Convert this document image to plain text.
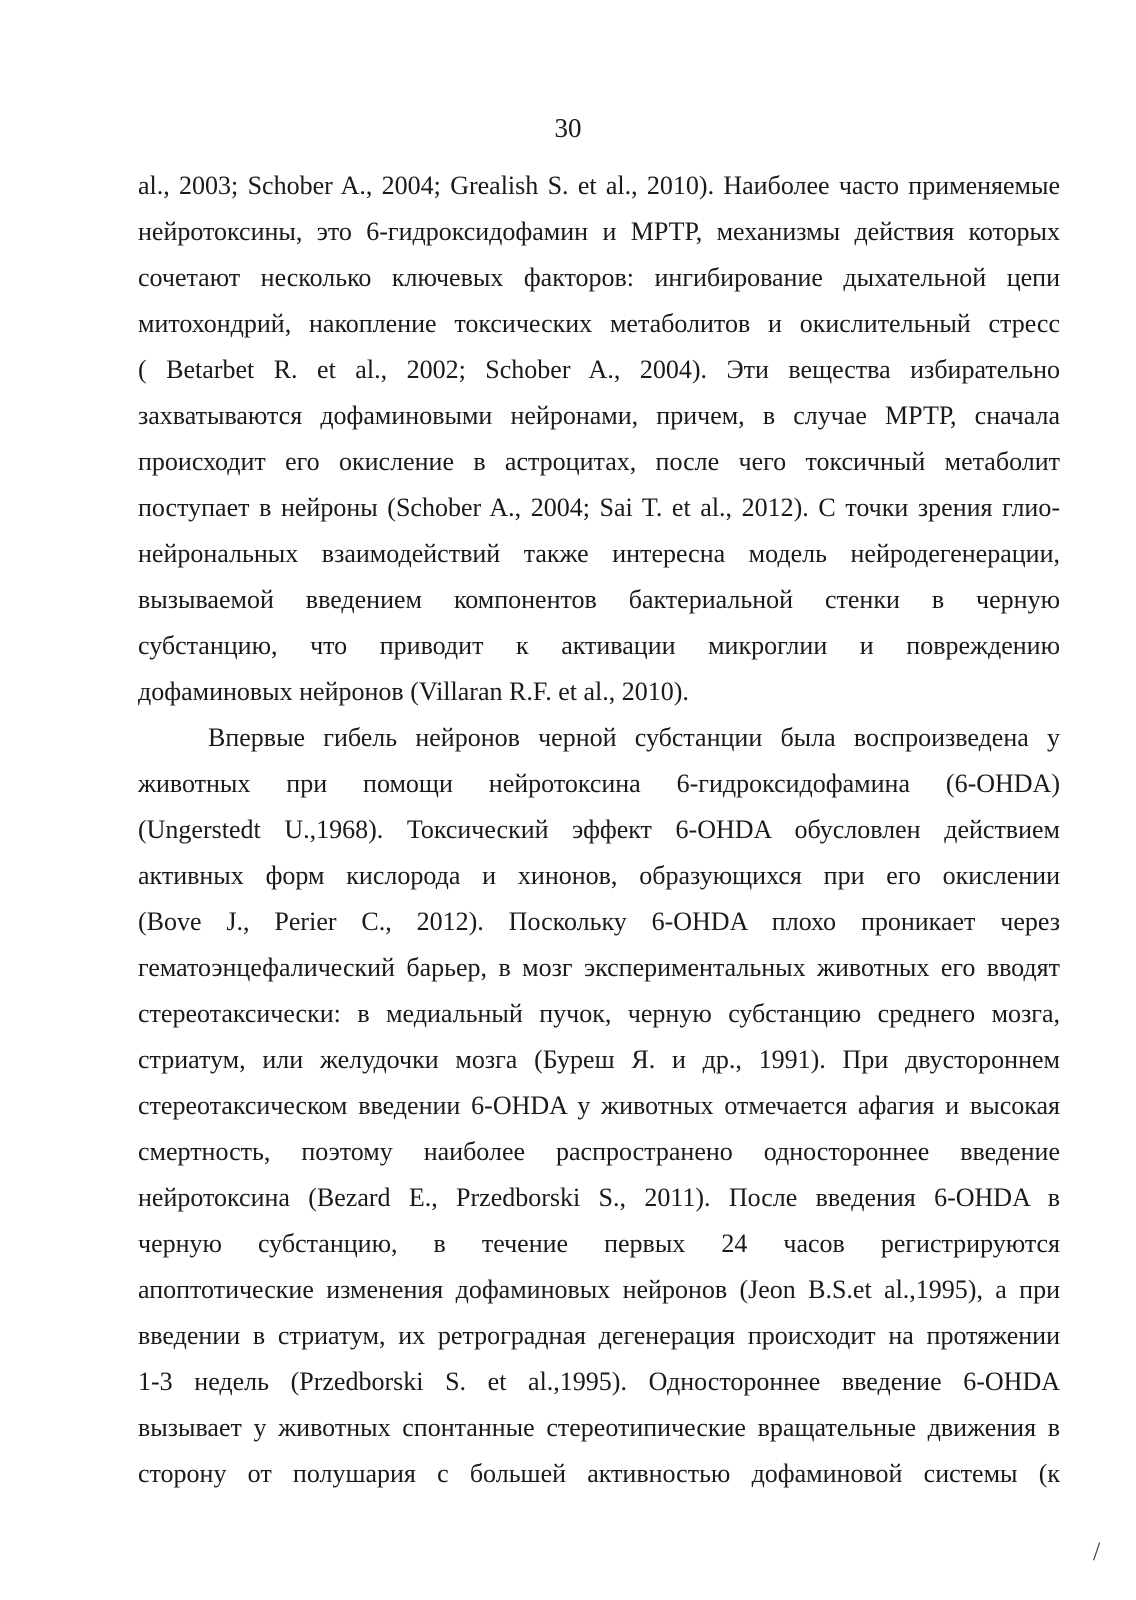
30
al., 2003; Schober A., 2004; Grealish S. et al., 2010). Наиболее часто применяемые
нейротоксины, это 6-гидроксидофамин и МРТР, механизмы действия которых
сочетают несколько ключевых факторов: ингибирование дыхательной цепи
митохондрий, накопление токсических метаболитов и окислительный стресс
( Betarbet R. et al., 2002; Schober A., 2004). Эти вещества избирательно
захватываются дофаминовыми нейронами, причем, в случае МРТР, сначала
происходит его окисление в астроцитах, после чего токсичный метаболит
поступает в нейроны (Schober A., 2004; Sai T. et al., 2012). С точки зрения глио-
нейрональных взаимодействий также интересна модель нейродегенерации,
вызываемой введением компонентов бактериальной стенки в черную
субстанцию, что приводит к активации микроглии и повреждению
дофаминовых нейронов (Villaran R.F. et al., 2010).
Впервые гибель нейронов черной субстанции была воспроизведена у
животных при помощи нейротоксина 6-гидроксидофамина (6-OHDA)
(Ungerstedt U.,1968). Токсический эффект 6-OHDA обусловлен действием
активных форм кислорода и хинонов, образующихся при его окислении
(Bove J., Perier C., 2012). Поскольку 6-OHDA плохо проникает через
гематоэнцефалический барьер, в мозг экспериментальных животных его вводят
стереотаксически: в медиальный пучок, черную субстанцию среднего мозга,
стриатум, или желудочки мозга (Буреш Я. и др., 1991). При двустороннем
стереотаксическом введении 6-OHDA у животных отмечается афагия и высокая
смертность, поэтому наиболее распространено одностороннее введение
нейротоксина (Bezard E., Przedborski S., 2011). После введения 6-OHDA в
черную субстанцию, в течение первых 24 часов регистрируются
апоптотические изменения дофаминовых нейронов (Jeon B.S.et al.,1995), а при
введении в стриатум, их ретроградная дегенерация происходит на протяжении
1-3 недель (Przedborski S. et al.,1995). Одностороннее введение 6-OHDA
вызывает у животных спонтанные стереотипические вращательные движения в
сторону от полушария с большей активностью дофаминовой системы (к
/
